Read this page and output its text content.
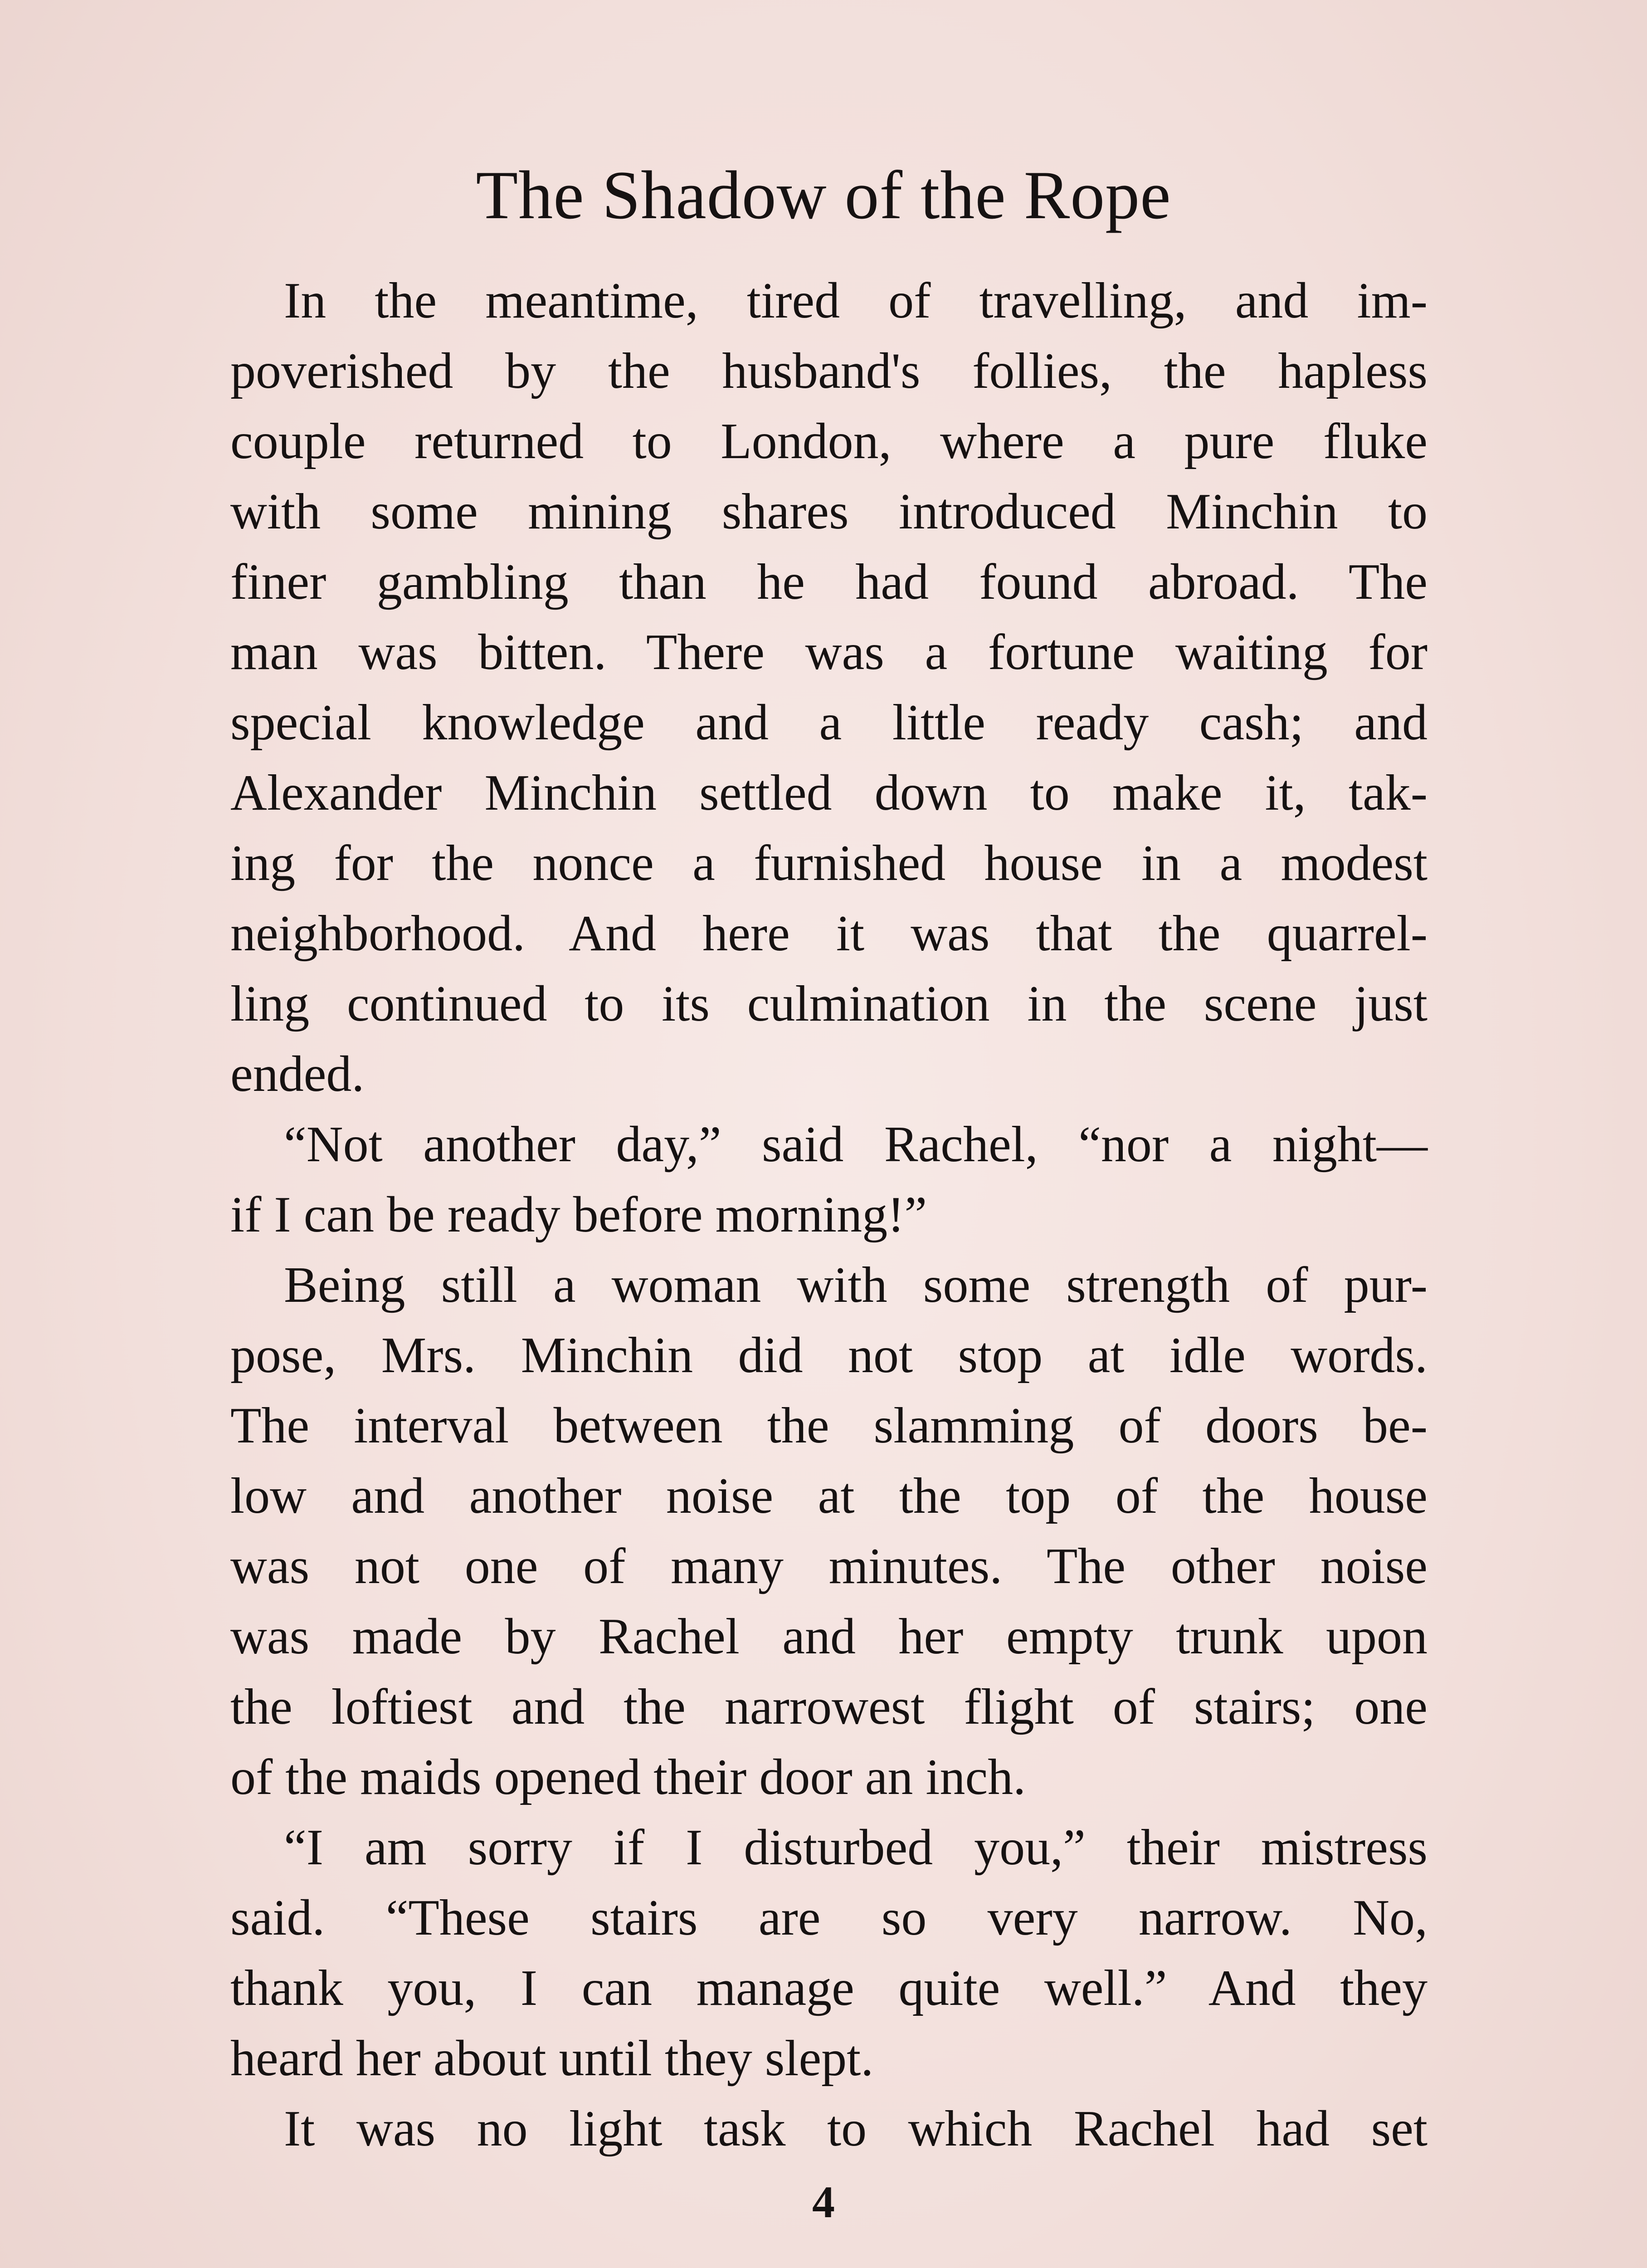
The Shadow of the Rope

In the meantime, tired of travelling, and im-
poverished by the husband's follies, the hapless
couple returned to London, where a pure fluke
with some mining shares introduced Minchin to
finer gambling than he had found abroad. The
man was bitten. There was a fortune waiting for
special knowledge and a little ready cash; and
Alexander Minchin settled down to make it, tak-
ing for the nonce a furnished house in a modest
neighborhood. And here it was that the quarrel-
ling continued to its culmination in the scene just
ended.

“Not another day,” said Rachel, “nor a night—
if I can be ready before morning!”

Being still a woman with some strength of pur-
pose, Mrs. Minchin did not stop at idle words.
The interval between the slamming of doors be-
low and another noise at the top of the house
was not one of many minutes. The other noise
was made by Rachel and her empty trunk upon
the loftiest and the narrowest flight of stairs; one
of the maids opened their door an inch.

“I am sorry if I disturbed you,” their mistress
said. “These stairs are so very narrow. No,
thank you, I can manage quite well.” And they
heard her about until they slept.

It was no light task to which Rachel had set

4
